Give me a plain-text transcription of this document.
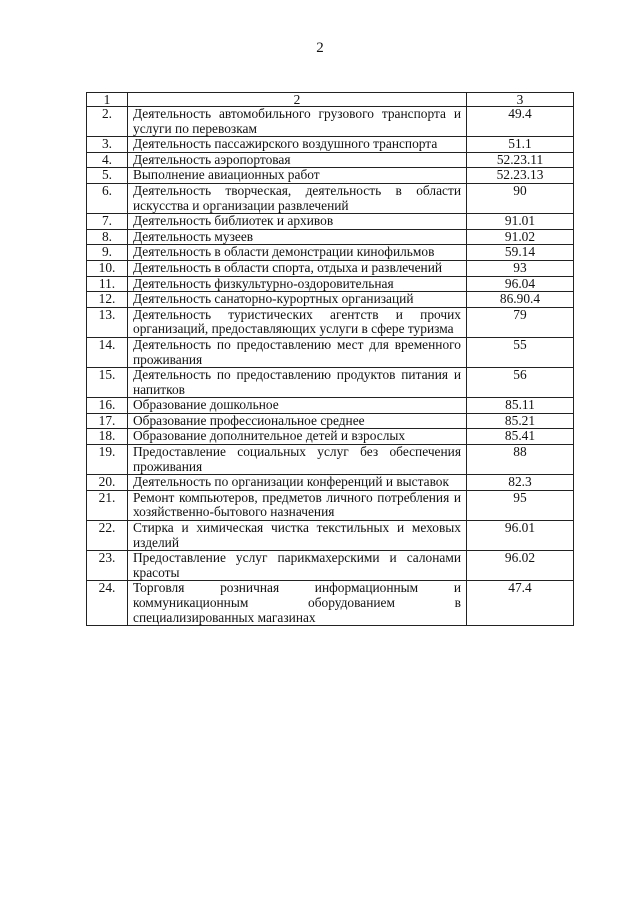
2
1	2	3
2.	Деятельность автомобильного грузового транспорта и услуги по перевозкам	49.4
3.	Деятельность пассажирского воздушного транспорта	51.1
4.	Деятельность аэропортовая	52.23.11
5.	Выполнение авиационных работ	52.23.13
6.	Деятельность творческая, деятельность в области искусства и организации развлечений	90
7.	Деятельность библиотек и архивов	91.01
8.	Деятельность музеев	91.02
9.	Деятельность в области демонстрации кинофильмов	59.14
10.	Деятельность в области спорта, отдыха и развлечений	93
11.	Деятельность физкультурно-оздоровительная	96.04
12.	Деятельность санаторно-курортных организаций	86.90.4
13.	Деятельность туристических агентств и прочих организаций, предоставляющих услуги в сфере туризма	79
14.	Деятельность по предоставлению мест для временного проживания	55
15.	Деятельность по предоставлению продуктов питания и напитков	56
16.	Образование дошкольное	85.11
17.	Образование профессиональное среднее	85.21
18.	Образование дополнительное детей и взрослых	85.41
19.	Предоставление социальных услуг без обеспечения проживания	88
20.	Деятельность по организации конференций и выставок	82.3
21.	Ремонт компьютеров, предметов личного потребления и хозяйственно-бытового назначения	95
22.	Стирка и химическая чистка текстильных и меховых изделий	96.01
23.	Предоставление услуг парикмахерскими и салонами красоты	96.02
24.	Торговля розничная информационным и коммуникационным оборудованием в специализированных магазинах	47.4
